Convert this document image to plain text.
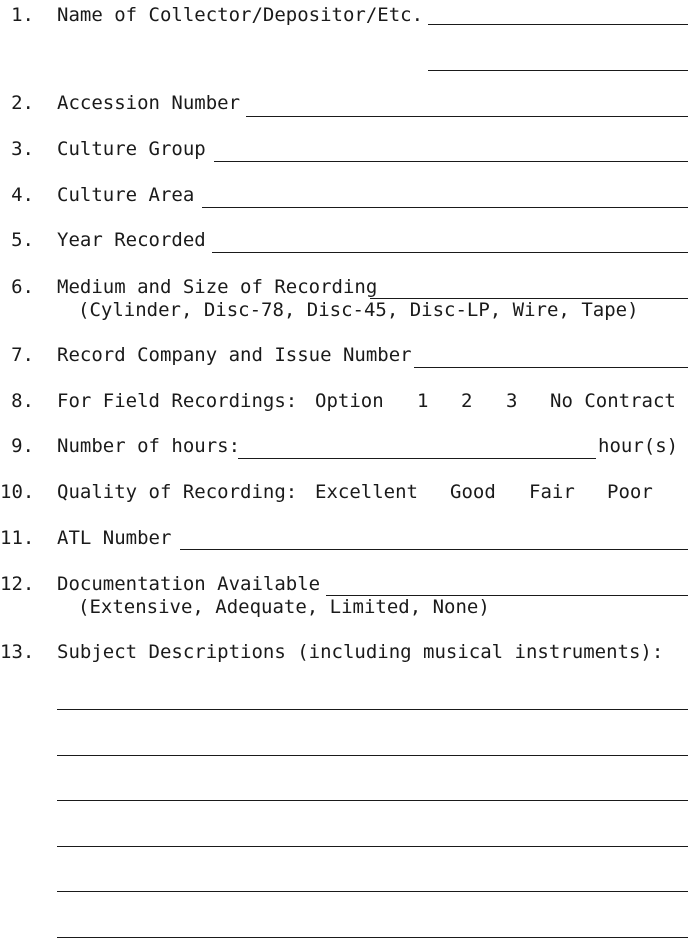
1. Name of Collector/Depositor/Etc.
2. Accession Number
3. Culture Group
4. Culture Area
5. Year Recorded
6. Medium and Size of Recording
(Cylinder, Disc-78, Disc-45, Disc-LP, Wire, Tape)
7. Record Company and Issue Number
8. For Field Recordings: Option 1 2 3 No Contract
9. Number of hours:	hour(s)
10. Quality of Recording: Excellent Good Fair Poor
11. ATL Number
12. Documentation Available
(Extensive, Adequate, Limited, None)
13. Subject Descriptions (including musical instruments):
